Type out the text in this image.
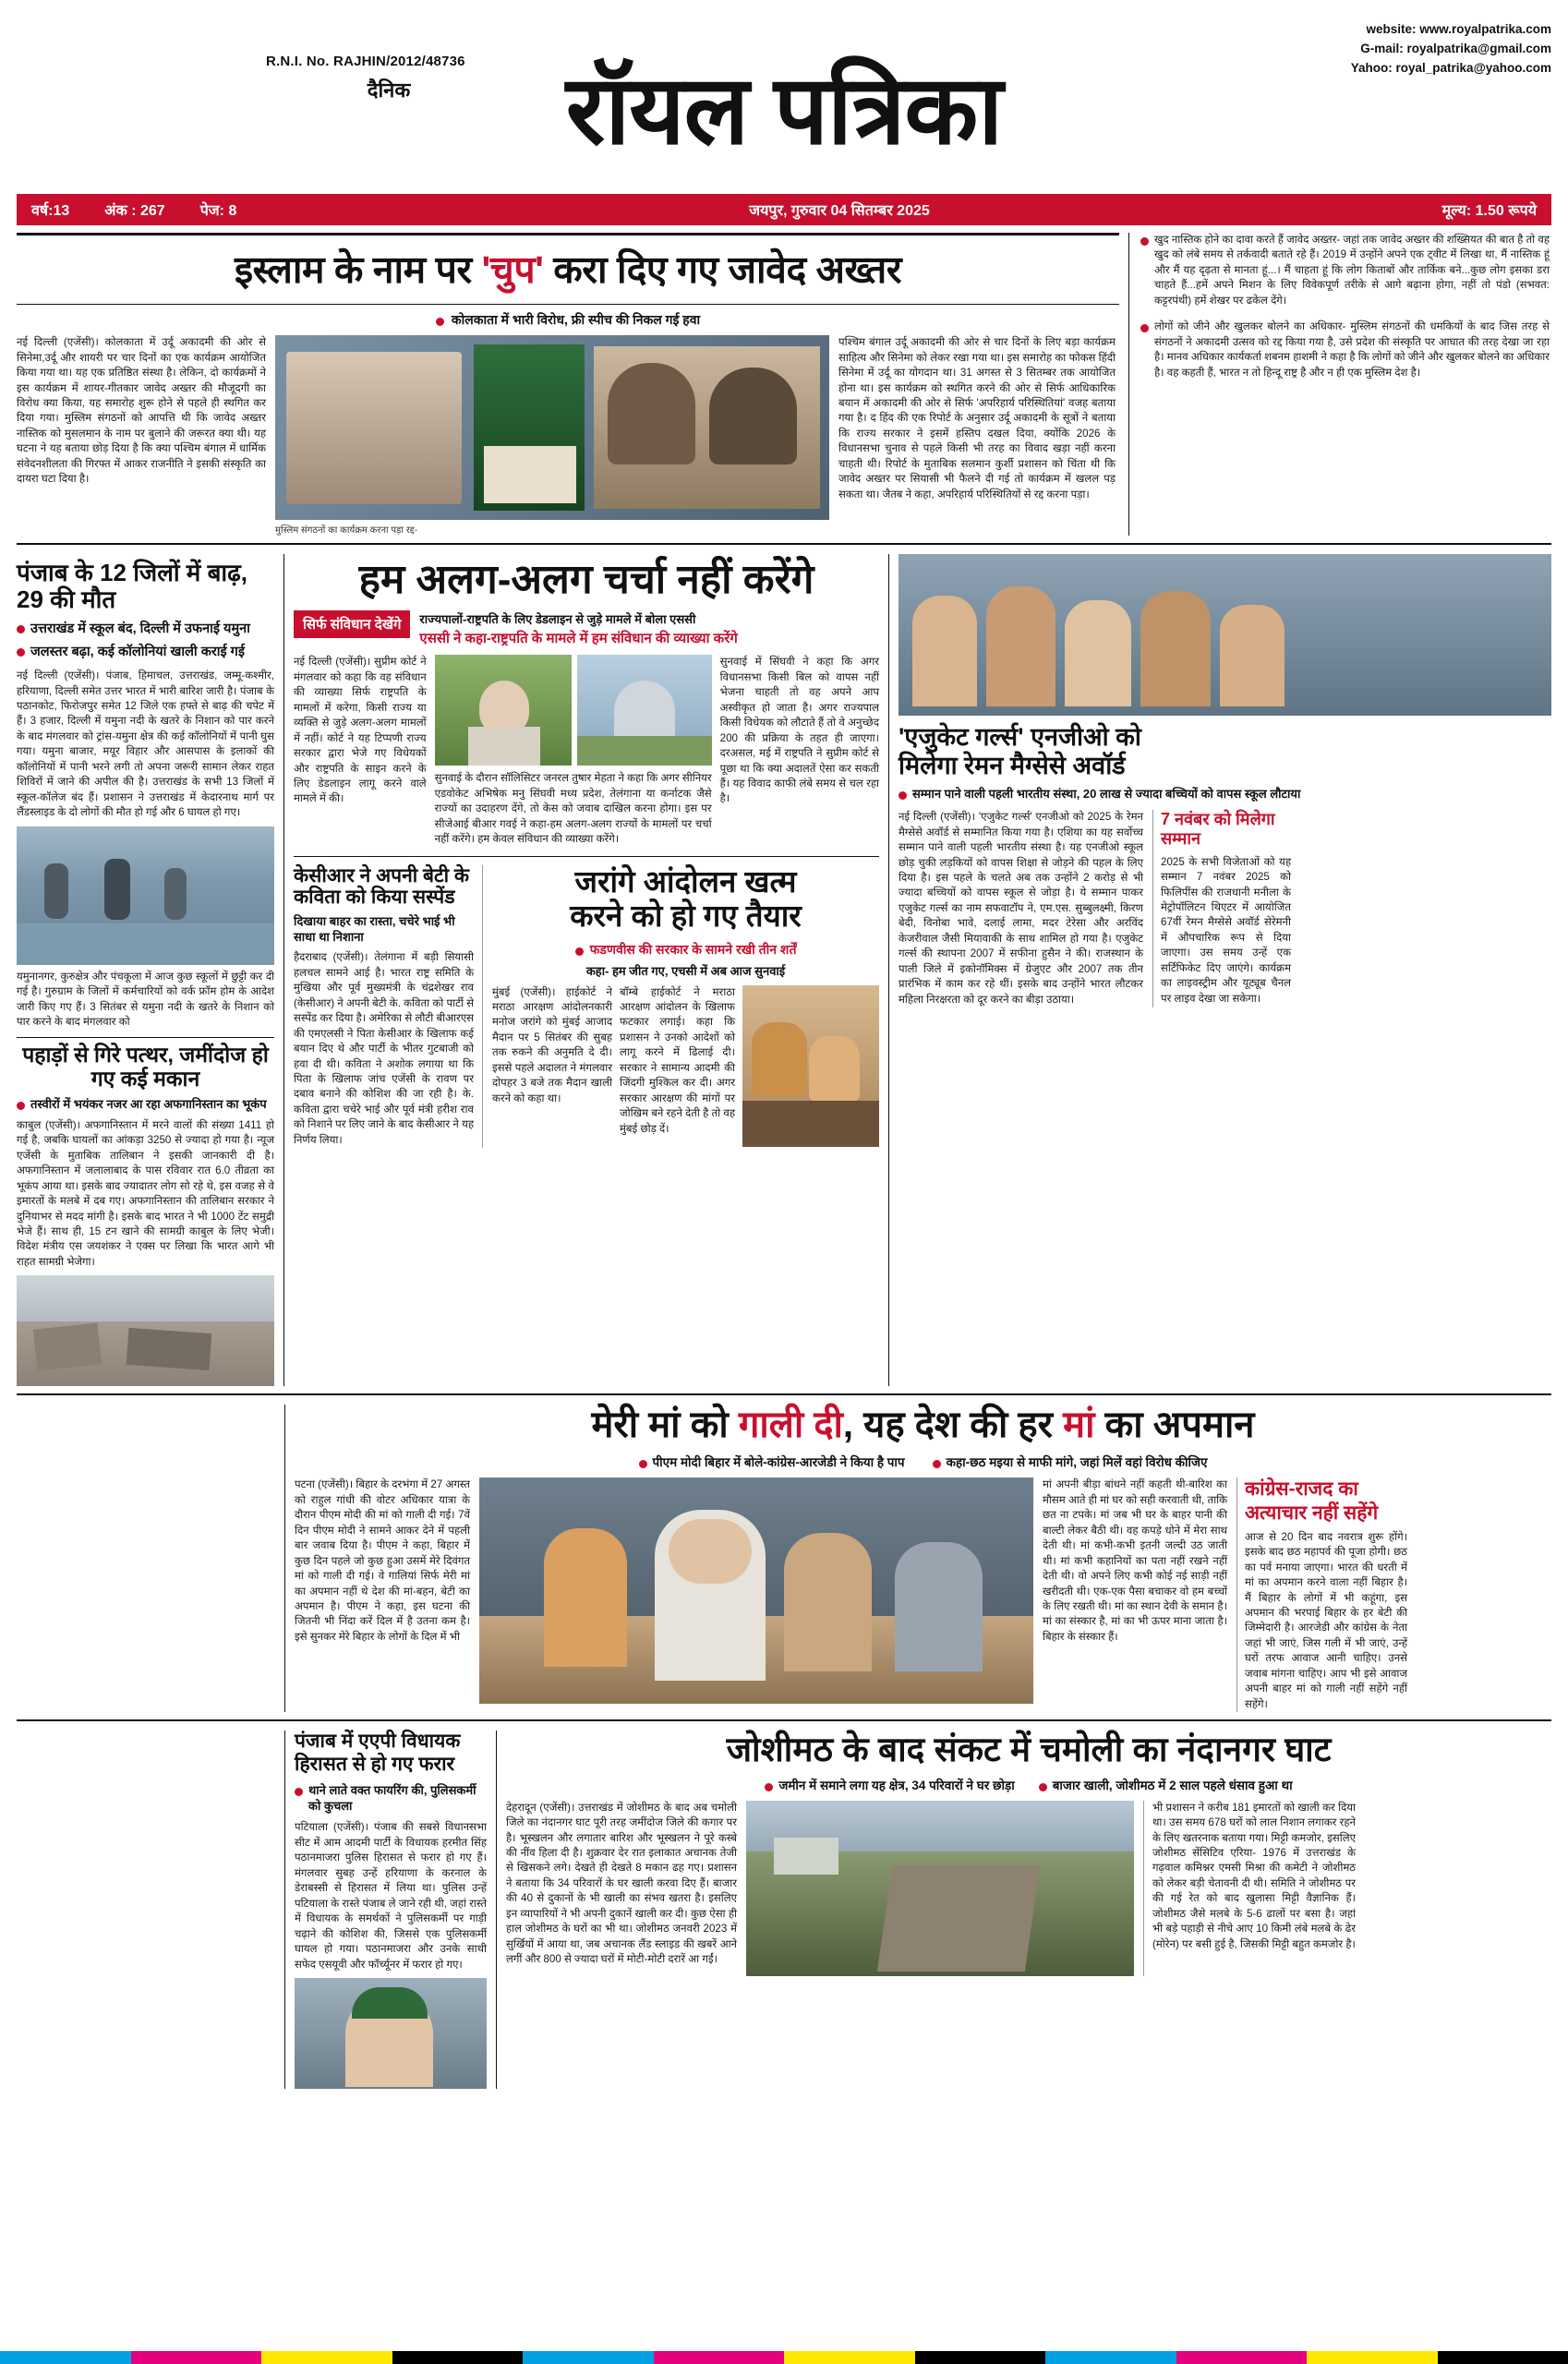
R.N.I. No. RAJHIN/2012/48736
website: www.royalpatrika.com
G-mail: royalpatrika@gmail.com
Yahoo: royal_patrika@yahoo.com
दैनिक रॉयल पत्रिका
वर्ष:13 अंक : 267 पेज: 8	जयपुर, गुरुवार 04 सितम्बर 2025	मूल्य: 1.50 रूपये
इस्लाम के नाम पर 'चुप' करा दिए गए जावेद अख्तर
कोलकाता में भारी विरोध, फ्री स्पीच की निकल गई हवा
नई दिल्ली (एजेंसी)। कोलकाता में उर्दू अकादमी की ओर से सिनेमा,उर्दू और शायरी पर चार दिनों का एक कार्यक्रम आयोजित किया गया था। यह एक प्रतिष्ठित संस्था है। लेकिन, दो कार्यक्रमों ने इस कार्यक्रम में शायर-गीतकार जावेद अख्तर की मौजूदगी का विरोध क्या किया, यह समारोह शुरू होने से पहले ही स्थगित कर दिया गया। मुस्लिम संगठनों को आपत्ति थी कि जावेद अख्तर नास्तिक को मुसलमान के नाम पर बुलाने की जरूरत क्या थी। यह घटना ने यह बताया छोड़ दिया है कि क्या पश्चिम बंगाल में धार्मिक संवेदनशीलता की गिरफ्त में आकर राजनीति ने इसकी संस्कृति का दायरा घटा दिया है।
मुस्लिम संगठनों का कार्यक्रम करना पड़ा रद्द-
पश्चिम बंगाल उर्दू अकादमी की ओर से चार दिनों के लिए बड़ा कार्यक्रम साहित्य और सिनेमा को लेकर रखा गया था। इस समारोह का फोकस हिंदी सिनेमा में उर्दू का योगदान था। 31 अगस्त से 3 सितम्बर तक आयोजित होना था। इस कार्यक्रम को स्थगित करने की ओर से सिर्फ आधिकारिक बयान में अकादमी की ओर से सिर्फ 'अपरिहार्य परिस्थितियां' वजह बताया गया है। द हिंद की एक रिपोर्ट के अनुसार उर्दू अकादमी के सूत्रों ने बताया कि राज्य सरकार ने इसमें हस्तिप दखल दिया, क्योंकि 2026 के विधानसभा चुनाव से पहले किसी भी तरह का विवाद खड़ा नहीं करना चाहती थी। रिपोर्ट के मुताबिक सलमान कुर्शी प्रशासन को चिंता थी कि जावेद अख्तर पर सियासी भी फैलने दी गई तो कार्यक्रम में खलल पड़ सकता था। जैतब ने कहा, अपरिहार्य परिस्थितियों से रद्द करना पड़ा।
खुद नास्तिक होने का दावा करते हैं जावेद अख्तर- जहां तक जावेद अख्तर की शख्सियत की बात है तो वह खुद को लंबे समय से तर्कवादी बताते रहे हैं। 2019 में उन्होंने अपने एक ट्वीट में लिखा था, मैं नास्तिक हूं और मैं यह दृढ़ता से मानता हूं...। मैं चाहता हूं कि लोग किताबों और तार्किक बने...कुछ लोग इसका डरा चाहते हैं...हमें अपने मिशन के लिए विवेकपूर्ण तरीके से आगे बढ़ाना होगा, नहीं तो पंडो (सभवत: कट्टरपंथी) हमें शेखर पर ढकेल देंगे।
लोगों को जीने और खुलकर बोलने का अधिकार- मुस्लिम संगठनों की धमकियों के बाद जिस तरह से संगठनों ने अकादमी उत्सव को रद्द किया गया है, उसे प्रदेश की संस्कृति पर आघात की तरह देखा जा रहा है। मानव अधिकार कार्यकर्ता शबनम हाशमी ने कहा है कि लोगों को जीने और खुलकर बोलने का अधिकार है। वह कहती हैं, भारत न तो हिन्दू राष्ट्र है और न ही एक मुस्लिम देश है।
पंजाब के 12 जिलों में बाढ़, 29 की मौत
उत्तराखंड में स्कूल बंद, दिल्ली में उफनाई यमुना
जलस्तर बढ़ा, कई कॉलोनियां खाली कराई गई
नई दिल्ली (एजेंसी)। पंजाब, हिमाचल, उत्तराखंड, जम्मू-कश्मीर, हरियाणा, दिल्ली समेत उत्तर भारत में भारी बारिश जारी है। पंजाब के पठानकोट, फिरोजपुर समेत 12 जिले एक हफ्ते से बाढ़ की चपेट में हैं। 3 हजार, दिल्ली में यमुना नदी के खतरे के निशान को पार करने के बाद मंगलवार को ट्रांस-यमुना क्षेत्र की कई कॉलोनियों में पानी घुस गया। यमुना बाजार, मयूर विहार और आसपास के इलाकों की कॉलोनियों में पानी भरने लगी तो अपना जरूरी सामान लेकर राहत शिविरों में जाने की अपील की है। उत्तराखंड के सभी 13 जिलों में स्कूल-कॉलेज बंद हैं। प्रशासन ने उत्तराखंड में केदारनाथ मार्ग पर लैंडस्लाइड के दो लोगों की मौत हो गई और 6 घायल हो गए।
यमुनानगर, कुरुक्षेत्र और पंचकूला में आज कुछ स्कूलों में छुट्टी कर दी गई है। गुरुग्राम के जिलों में कर्मचारियों को वर्क फ्रॉम होम के आदेश जारी किए गए हैं। 3 सितंबर से यमुना नदी के खतरे के निशान को पार करने के बाद मंगलवार को
पहाड़ों से गिरे पत्थर, जमींदोज हो गए कई मकान
तस्वीरों में भयंकर नजर आ रहा अफगानिस्तान का भूकंप
काबुल (एजेंसी)। अफगानिस्तान में मरने वालों की संख्या 1411 हो गई है, जबकि घायलों का आंकड़ा 3250 से ज्यादा हो गया है। न्यूज एजेंसी के मुताबिक तालिबान ने इसकी जानकारी दी है। अफगानिस्तान में जलालाबाद के पास रविवार रात 6.0 तीव्रता का भूकंप आया था। इसके बाद ज्यादातर लोग सो रहे थे, इस वजह से वे इमारतों के मलबे में दब गए। अफगानिस्तान की तालिबान सरकार ने दुनियाभर से मदद मांगी है। इसके बाद भारत ने भी 1000 टेंट समुद्री भेजे हैं। साथ ही, 15 टन खाने की सामग्री काबुल के लिए भेजी। विदेश मंत्रीय एस जयशंकर ने एक्स पर लिखा कि भारत आगे भी राहत सामग्री भेजेगा।
हम अलग-अलग चर्चा नहीं करेंगे
सिर्फ संविधान देखेंगे	राज्यपालों-राष्ट्रपति के लिए डेडलाइन से जुड़े मामले में बोला एससी
एससी ने कहा-राष्ट्रपति के मामले में हम संविधान की व्याख्या करेंगे
नई दिल्ली (एजेंसी)। सुप्रीम कोर्ट ने मंगलवार को कहा कि वह संविधान की व्याख्या सिर्फ राष्ट्रपति के मामलों में करेगा, किसी राज्य या व्यक्ति से जुड़े अलग-अलग मामलों में नहीं। कोर्ट ने यह टिप्पणी राज्य सरकार द्वारा भेजे गए विधेयकों और राष्ट्रपति के साइन करने के लिए डेडलाइन लागू करने वाले मामले में की।
सुनवाई के दौरान सॉलिसिटर जनरल तुषार मेहता ने कहा कि अगर सीनियर एडवोकेट अभिषेक मनु सिंघवी मध्य प्रदेश, तेलंगाना या कर्नाटक जैसे राज्यों का उदाहरण देंगे, तो केस को जवाब दाखिल करना होगा। इस पर सीजेआई बीआर गवई ने कहा-हम अलग-अलग राज्यों के मामलों पर चर्चा नहीं करेंगे। हम केवल संविधान की व्याख्या करेंगे।
सुनवाई में सिंघवी ने कहा कि अगर विधानसभा किसी बिल को वापस नहीं भेजना चाहती तो वह अपने आप अस्वीकृत हो जाता है। अगर राज्यपाल किसी विधेयक को लौटाते हैं तो वे अनुच्छेद 200 की प्रक्रिया के तहत ही जाएगा। दरअसल, मई में राष्ट्रपति ने सुप्रीम कोर्ट से पूछा था कि क्या अदालतें ऐसा कर सकती हैं। यह विवाद काफी लंबे समय से चल रहा है।
केसीआर ने अपनी बेटी के कविता को किया सस्पेंड
दिखाया बाहर का रास्ता, चचेरे भाई भी साधा था निशाना
हैदराबाद (एजेंसी)। तेलंगाना में बड़ी सियासी हलचल सामने आई है। भारत राष्ट्र समिति के मुखिया और पूर्व मुख्यमंत्री के चंद्रशेखर राव (केसीआर) ने अपनी बेटी के. कविता को पार्टी से सस्पेंड कर दिया है। अमेरिका से लौटी बीआरएस की एमएलसी ने पिता केसीआर के खिलाफ कई बयान दिए थे और पार्टी के भीतर गुटबाजी को हवा दी थी। कविता ने अशोक लगाया था कि पिता के खिलाफ जांच एजेंसी के रावण पर दबाव बनाने की कोशिश की जा रही है। के. कविता द्वारा चचेरे भाई और पूर्व मंत्री हरीश राव को निशाने पर लिए जाने के बाद केसीआर ने यह निर्णय लिया।
जरांगे आंदोलन खत्म
करने को हो गए तैयार
फडणवीस की सरकार के सामने रखी तीन शर्तें
कहा- हम जीत गए, एचसी में अब आज सुनवाई
मुंबई (एजेंसी)। हाईकोर्ट ने मराठा आरक्षण आंदोलनकारी मनोज जरांगे को मुंबई आजाद मैदान पर 5 सितंबर की सुबह तक रुकने की अनुमति दे दी। इससे पहले अदालत ने मंगलवार दोपहर 3 बजे तक मैदान खाली करने को कहा था।
बॉम्बे हाईकोर्ट ने मराठा आरक्षण आंदोलन के खिलाफ फटकार लगाई। कहा कि प्रशासन ने उनको आदेशों को लागू करने में ढिलाई दी। सरकार ने सामान्य आदमी की जिंदगी मुश्किल कर दी। अगर सरकार आरक्षण की मांगों पर जोखिम बने रहने देती है तो वह मुंबई छोड़ दें।
'एजुकेट गर्ल्स' एनजीओ को
मिलेगा रेमन मैग्सेसे अवॉर्ड
सम्मान पाने वाली पहली भारतीय संस्था, 20 लाख से ज्यादा बच्चियों को वापस स्कूल लौटाया
नई दिल्ली (एजेंसी)। 'एजुकेट गर्ल्स' एनजीओ को 2025 के रेमन मैग्सेसे अवॉर्ड से सम्मानित किया गया है। एशिया का यह सर्वोच्च सम्मान पाने वाली पहली भारतीय संस्था है। यह एनजीओ स्कूल छोड़ चुकी लड़कियों को वापस शिक्षा से जोड़ने की पहल के लिए दिया है। इस पहले के चलते अब तक उन्होंने 2 करोड़ से भी ज्यादा बच्चियों को वापस स्कूल से जोड़ा है। ये सम्मान पाकर एजुकेट गर्ल्स का नाम सफवाटॉप ने, एम.एस. सुब्बुलक्ष्मी, किरण बेदी, विनोबा भावे, दलाई लामा, मदर टेरेसा और अरविंद केजरीवाल जैसी मियावाकी के साथ शामिल हो गया है। एजुकेट गर्ल्स की स्थापना 2007 में सफीना हुसैन ने की। राजस्थान के पाली जिले में इकोनॉमिक्स में ग्रेजुएट और 2007 तक तीन प्रारंभिक में काम कर रहे थीं। इसके बाद उन्होंने भारत लौटकर महिला निरक्षरता को दूर करने का बीड़ा उठाया।
7 नवंबर को मिलेगा सम्मान
2025 के सभी विजेताओं को यह सम्मान 7 नवंबर 2025 को फिलिपींस की राजधानी मनीला के मेट्रोपॉलिटन थिएटर में आयोजित 67वीं रेमन मैग्सेसे अवॉर्ड सेरेमनी में औपचारिक रूप से दिया जाएगा। उस समय उन्हें एक सर्टिफिकेट दिए जाएंगे। कार्यक्रम का लाइवस्ट्रीम और यूट्यूब चैनल पर लाइव देखा जा सकेगा।
मेरी मां को गाली दी, यह देश की हर मां का अपमान
पीएम मोदी बिहार में बोले-कांग्रेस-आरजेडी ने किया है पाप	कहा-छठ मइया से माफी मांगे, जहां मिलें वहां विरोध कीजिए
पटना (एजेंसी)। बिहार के दरभंगा में 27 अगस्त को राहुल गांधी की वोटर अधिकार यात्रा के दौरान पीएम मोदी की मां को गाली दी गई। 7वें दिन पीएम मोदी ने सामने आकर देने में पहली बार जवाब दिया है। पीएम ने कहा, बिहार में कुछ दिन पहले जो कुछ हुआ उसमें मेरे दिवंगत मां को गाली दी गई। वे गालियां सिर्फ मेरी मां का अपमान नहीं थे देश की मां-बहन, बेटी का अपमान है। पीएम ने कहा, इस घटना की जितनी भी निंदा करें दिल में है उतना कम है। इसे सुनकर मेरे बिहार के लोगों के दिल में भी
मां अपनी बीड़ा बांधने नहीं कहती थी-बारिश का मौसम आते ही मां घर को सही करवाती थी, ताकि छत ना टपके। मां जब भी घर के बाहर पानी की बाल्टी लेकर बैठी थी। वह कपड़े धोने में मेरा साथ देती थी। मां कभी-कभी इतनी जल्दी उठ जाती थी। मां कभी कहानियों का पता नहीं रखने नहीं देती थी। वो अपने लिए कभी कोई नई साड़ी नहीं खरीदती थी। एक-एक पैसा बचाकर वो हम बच्चों के लिए रखती थी। मां का स्थान देवी के समान है। मां का संस्कार है, मां का भी ऊपर माना जाता है। बिहार के संस्कार हैं।
कांग्रेस-राजद का अत्याचार नहीं सहेंगे
आज से 20 दिन बाद नवरात्र शुरू होंगे। इसके बाद छठ महापर्व की पूजा होगी। छठ का पर्व मनाया जाएगा। भारत की धरती में मां का अपमान करने वाला नहीं बिहार है। मैं बिहार के लोगों में भी कहूंगा, इस अपमान की भरपाई बिहार के हर बेटी की जिम्मेदारी है। आरजेडी और कांग्रेस के नेता जहां भी जाएं, जिस गली में भी जाएं, उन्हें घरों तरफ आवाज आनी चाहिए। उनसे जवाब मांगना चाहिए। आप भी इसे आवाज अपनी बाहर मां को गाली नहीं सहेंगे नहीं सहेंगे।
पंजाब में एएपी विधायक हिरासत से हो गए फरार
थाने लाते वक्त फायरिंग की, पुलिसकर्मी को कुचला
पटियाला (एजेंसी)। पंजाब की सबसे विधानसभा सीट में आम आदमी पार्टी के विधायक हरमीत सिंह पठानमाजरा पुलिस हिरासत से फरार हो गए हैं। मंगलवार सुबह उन्हें हरियाणा के करनाल के डेराबस्सी से हिरासत में लिया था। पुलिस उन्हें पटियाला के रास्ते पंजाब ले जाने रही थी, जहां रास्ते में विधायक के समर्थकों ने पुलिसकर्मी पर गाड़ी चढ़ाने की कोशिश की, जिससे एक पुलिसकर्मी घायल हो गया। पठानमाजरा और उनके साथी सफेद एसयूवी और फॉर्च्यूनर में फरार हो गए।
जोशीमठ के बाद संकट में चमोली का नंदानगर घाट
जमीन में समाने लगा यह क्षेत्र, 34 परिवारों ने घर छोड़ा	बाजार खाली, जोशीमठ में 2 साल पहले धंसाव हुआ था
देहरादून (एजेंसी)। उत्तराखंड में जोशीमठ के बाद अब चमोली जिले का नंदानगर घाट पूरी तरह जमींदोज जिले की कगार पर है। भूस्खलन और लगातार बारिश और भूस्खलन ने पूरे कस्बे की नींव हिला दी है। शुक्रवार देर रात इलाकात अचानक तेजी से खिसकने लगे। देखते ही देखते 8 मकान ढह गए। प्रशासन ने बताया कि 34 परिवारों के घर खाली करवा दिए हैं। बाजार की 40 से दुकानों के भी खाली का संभव खतरा है। इसलिए इन व्यापारियों ने भी अपनी दुकानें खाली कर दी। कुछ ऐसा ही हाल जोशीमठ के घरों का भी था। जोशीमठ जनवरी 2023 में सुर्खियों में आया था, जब अचानक लैंड स्लाइड की खबरें आने लगीं और 800 से ज्यादा घरों में मोटी-मोटी दरारें आ गईं।
भी प्रशासन ने करीब 181 इमारतों को खाली कर दिया था। उस समय 678 घरों को लाल निशान लगाकर रहने के लिए खतरनाक बताया गया। मिट्टी कमजोर, इसलिए जोशीमठ सेंसिटिव एरिया- 1976 में उत्तराखंड के गढ़वाल कमिश्नर एमसी मिश्रा की कमेटी ने जोशीमठ को लेकर बड़ी चेतावनी दी थी। समिति ने जोशीमठ पर की गई रेत को बाद खुलासा मिट्टी वैज्ञानिक हैं। जोशीमठ जैसे मलबे के 5-6 ढालों पर बसा है। जहां भी बड़े पहाड़ी से नीचे आए 10 किमी लंबे मलबे के ढेर (मोरेन) पर बसी हुई है, जिसकी मिट्टी बहुत कमजोर है।
